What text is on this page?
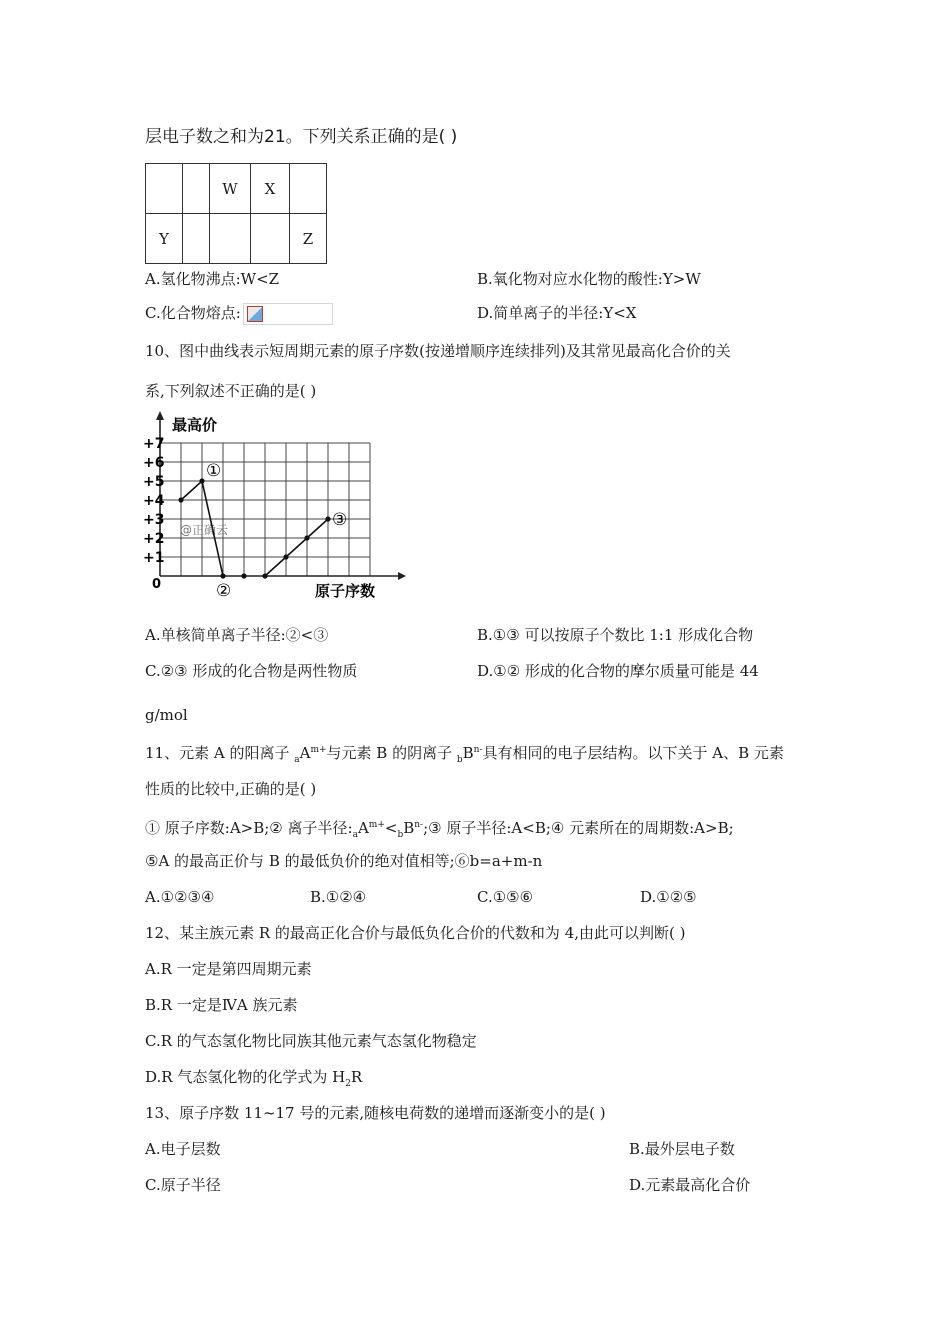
层电子数之和为21。下列关系正确的是( )
		W	X	
Y				Z
A.氢化物沸点:W<Z	B.氧化物对应水化物的酸性:Y>W
C.化合物熔点:	D.简单离子的半径:Y<X
10、图中曲线表示短周期元素的原子序数(按递增顺序连续排列)及其常见最高化合价的关
系,下列叙述不正确的是( )
最高价
原子序数
0
@正确云
+7
+6
+5
+4
+3
+2
+1
①
②
③
A.单核简单离子半径:②<③	B.①③ 可以按原子个数比 1:1 形成化合物
C.②③ 形成的化合物是两性物质	D.①② 形成的化合物的摩尔质量可能是 44
g/mol
11、元素 A 的阳离子 $_aA^{m+}$与元素 B 的阴离子 $_bB^{n-}$具有相同的电子层结构。以下关于 A、B 元素
性质的比较中,正确的是( )
① 原子序数:A>B;② 离子半径$:_aA^{m+}<_bB^{n-};③$ 原子半径:A<B;④ 元素所在的周期数:A>B;
⑤A 的最高正价与 B 的最低负价的绝对值相等;⑥b=a+m-n
A.①②③④	B.①②④	C.①⑤⑥	D.①②⑤
12、某主族元素 R 的最高正化合价与最低负化合价的代数和为 4,由此可以判断( )
A.R 一定是第四周期元素
B.R 一定是ⅣA 族元素
C.R 的气态氢化物比同族其他元素气态氢化物稳定
D.R 气态氢化物的化学式为 $H_2R$
13、原子序数 11~17 号的元素,随核电荷数的递增而逐渐变小的是( )
A.电子层数	B.最外层电子数
C.原子半径	D.元素最高化合价
